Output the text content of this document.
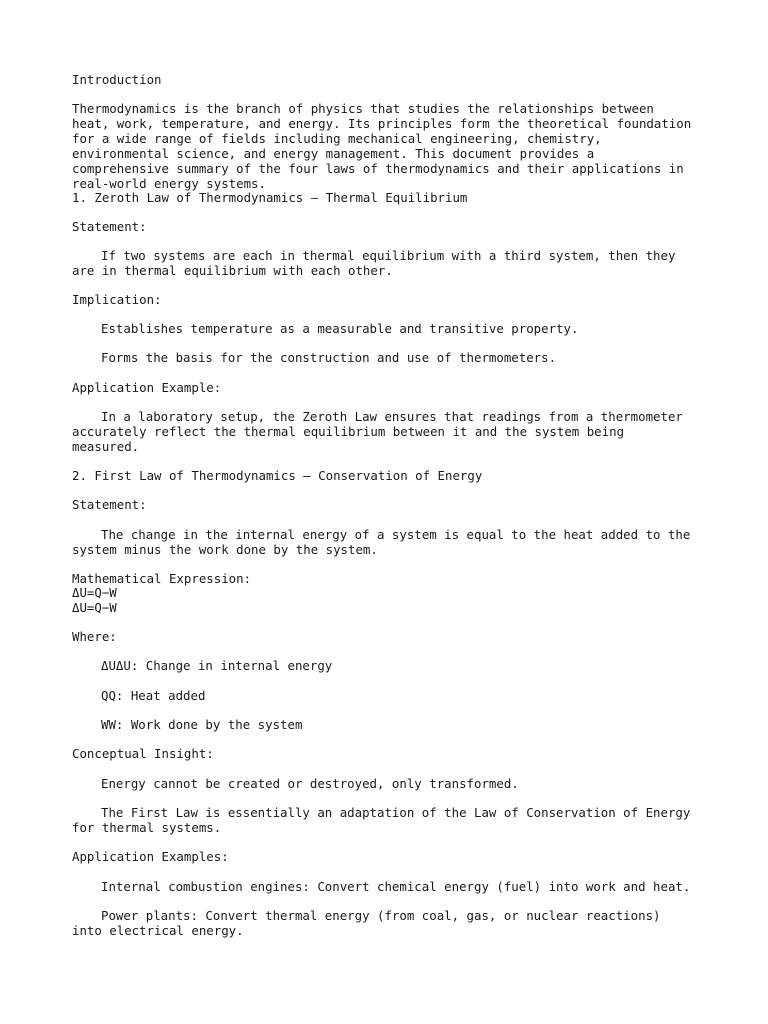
Introduction
Thermodynamics is the branch of physics that studies the relationships between
heat, work, temperature, and energy. Its principles form the theoretical foundation
for a wide range of fields including mechanical engineering, chemistry,
environmental science, and energy management. This document provides a
comprehensive summary of the four laws of thermodynamics and their applications in
real-world energy systems.
1. Zeroth Law of Thermodynamics – Thermal Equilibrium
Statement:
If two systems are each in thermal equilibrium with a third system, then they
are in thermal equilibrium with each other.
Implication:
Establishes temperature as a measurable and transitive property.
Forms the basis for the construction and use of thermometers.
Application Example:
In a laboratory setup, the Zeroth Law ensures that readings from a thermometer
accurately reflect the thermal equilibrium between it and the system being
measured.
2. First Law of Thermodynamics – Conservation of Energy
Statement:
The change in the internal energy of a system is equal to the heat added to the
system minus the work done by the system.
Mathematical Expression:
ΔU=Q−W
ΔU=Q−W
Where:
ΔUΔU: Change in internal energy
QQ: Heat added
WW: Work done by the system
Conceptual Insight:
Energy cannot be created or destroyed, only transformed.
The First Law is essentially an adaptation of the Law of Conservation of Energy
for thermal systems.
Application Examples:
Internal combustion engines: Convert chemical energy (fuel) into work and heat.
Power plants: Convert thermal energy (from coal, gas, or nuclear reactions)
into electrical energy.
